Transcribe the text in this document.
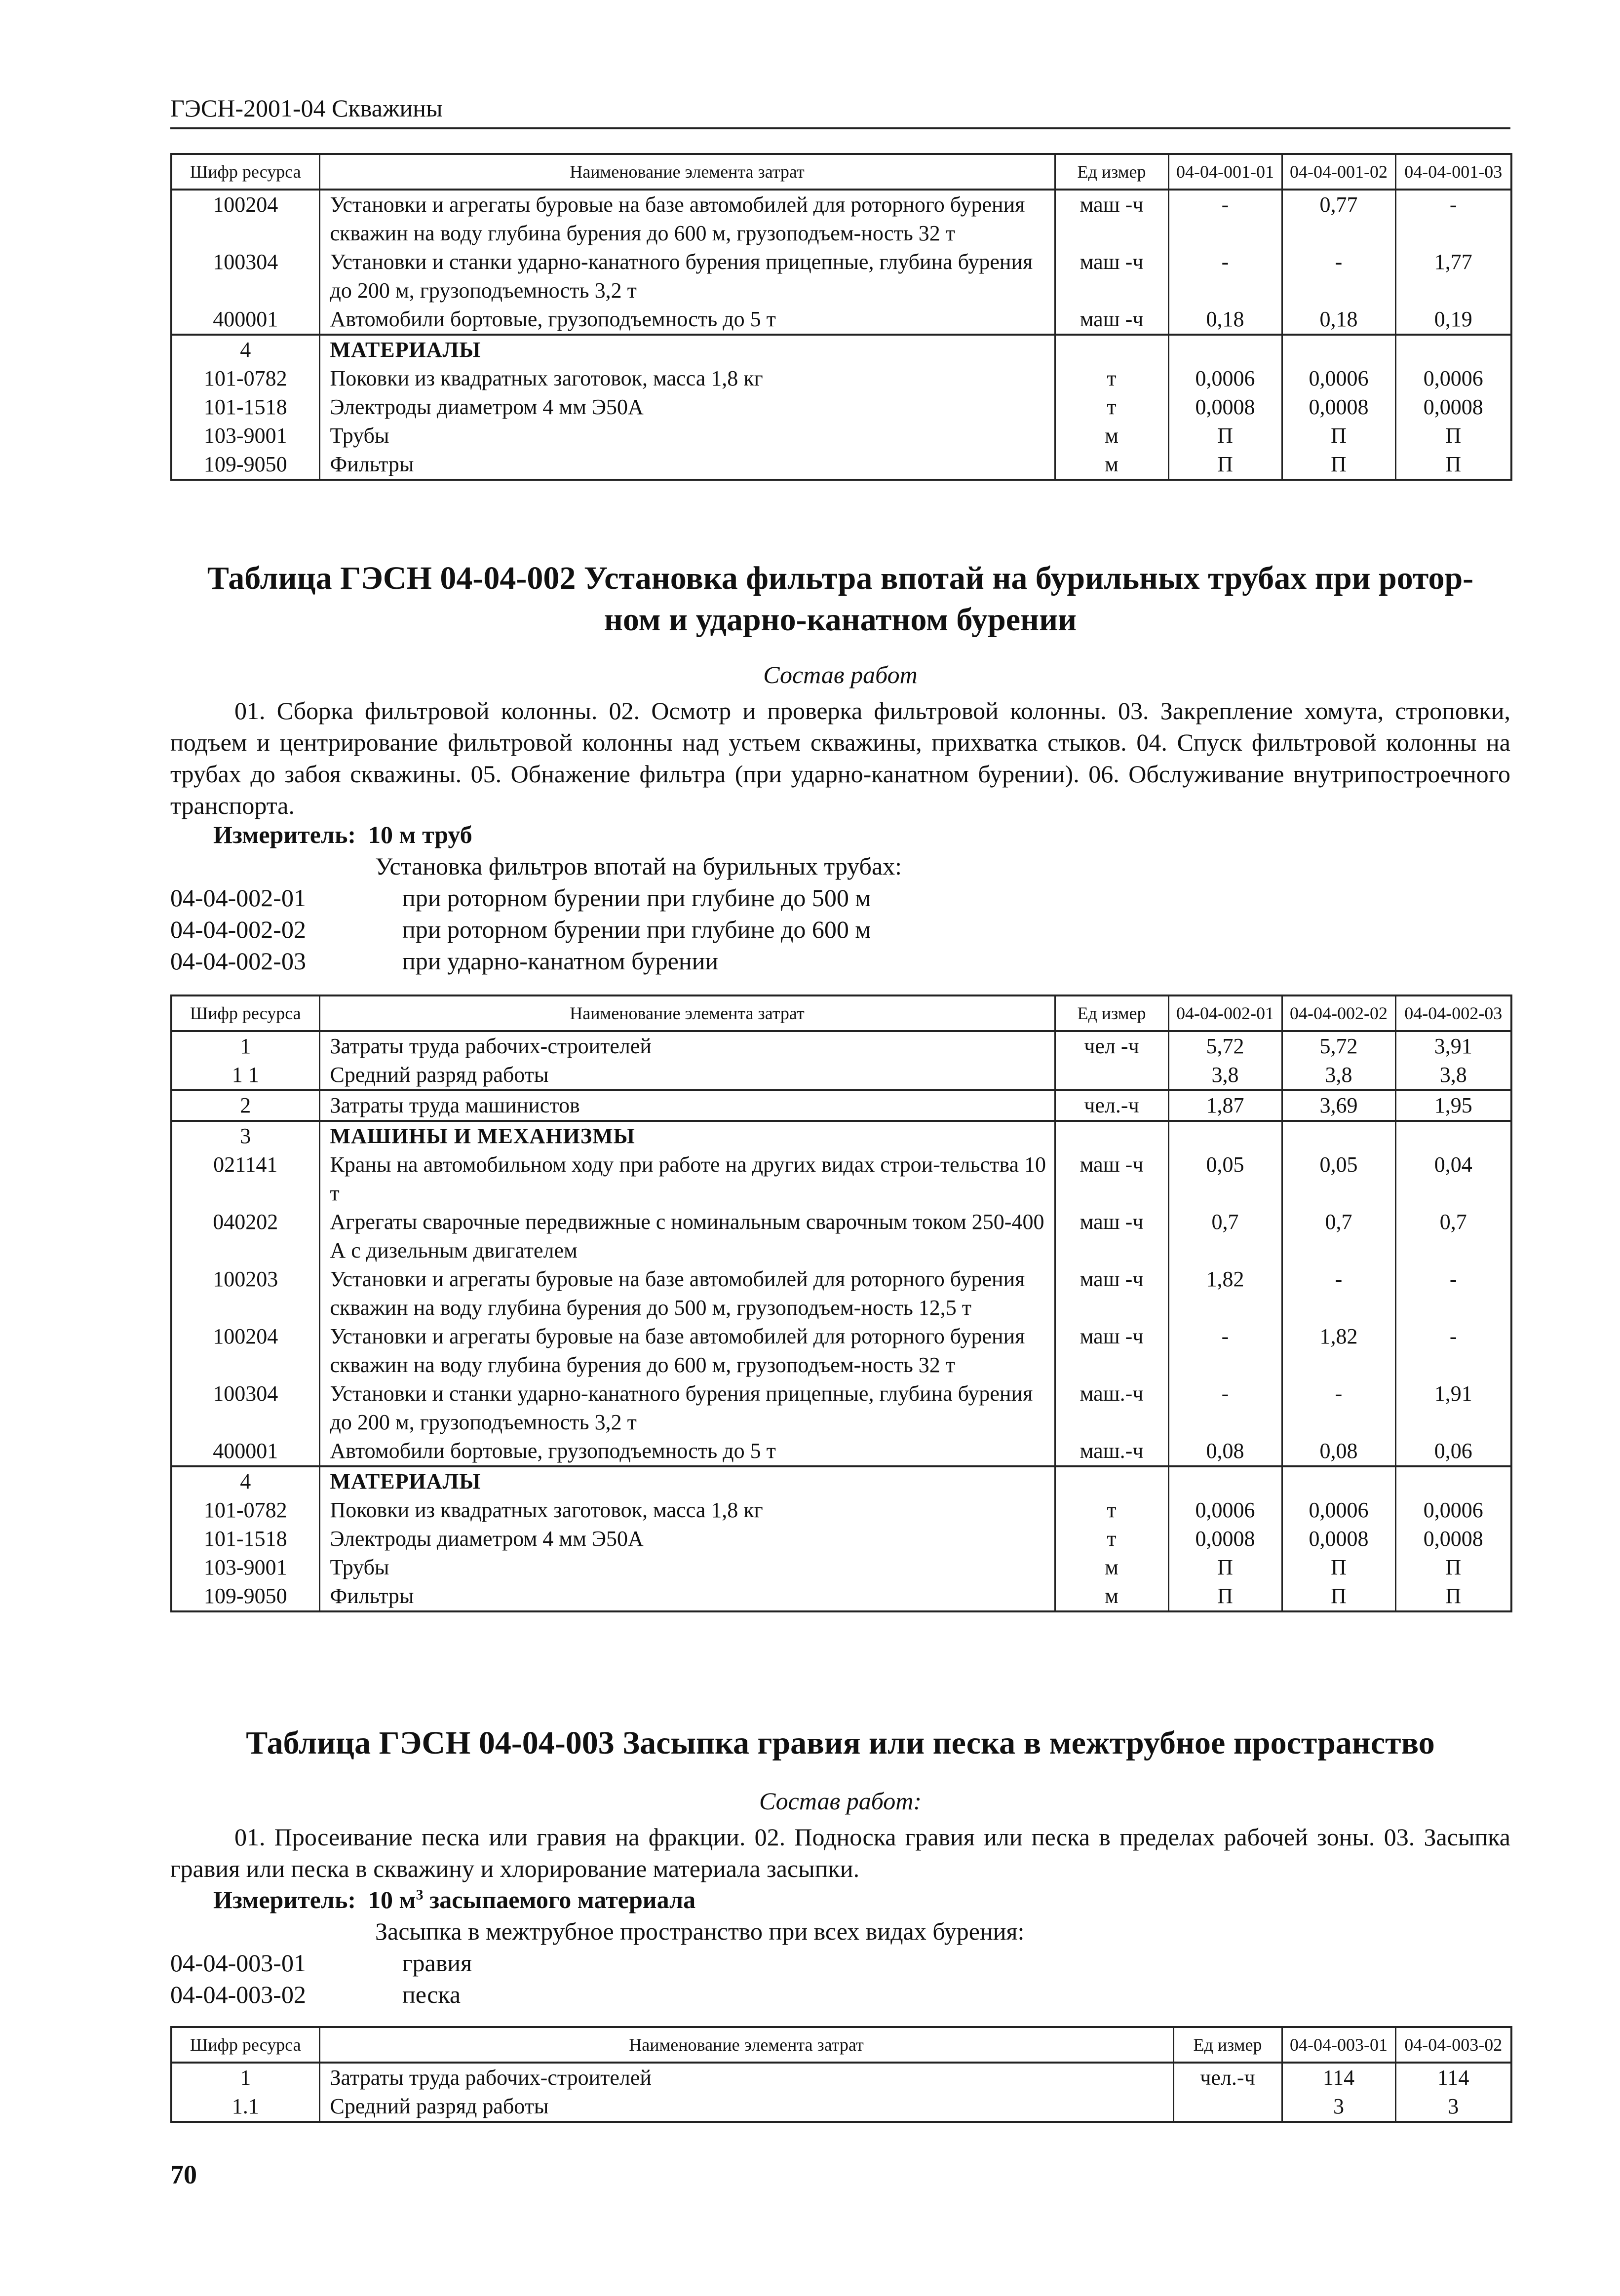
ГЭСН-2001-04 Скважины
Шифр ресурса	Наименование элемента затрат	Ед измер	04-04-001-01	04-04-001-02	04-04-001-03
100204	Установки и агрегаты буровые на базе автомобилей для роторного бурения скважин на воду глубина бурения до 600 м, грузоподъем-ность 32 т	маш -ч	-	0,77	-
100304	Установки и станки ударно-канатного бурения прицепные, глубина бурения до 200 м, грузоподъемность 3,2 т	маш -ч	-	-	1,77
400001	Автомобили бортовые, грузоподъемность до 5 т	маш -ч	0,18	0,18	0,19
4	МАТЕРИАЛЫ				
101-0782	Поковки из квадратных заготовок, масса 1,8 кг	т	0,0006	0,0006	0,0006
101-1518	Электроды диаметром 4 мм Э50А	т	0,0008	0,0008	0,0008
103-9001	Трубы	м	П	П	П
109-9050	Фильтры	м	П	П	П
Таблица ГЭСН 04-04-002 Установка фильтра впотай на бурильных трубах при ротор-
ном и ударно-канатном бурении
Состав работ
01. Сборка фильтровой колонны. 02. Осмотр и проверка фильтровой колонны. 03. Закрепление хомута, строповки, подъем и центрирование фильтровой колонны над устьем скважины, прихватка стыков. 04. Спуск фильтровой колонны на трубах до забоя скважины. 05. Обнажение фильтра (при ударно-канатном бурении). 06. Обслуживание внутрипостроечного транспорта.
Измеритель: 10 м труб
Установка фильтров впотай на бурильных трубах:
04-04-002-01	при роторном бурении при глубине до 500 м
04-04-002-02	при роторном бурении при глубине до 600 м
04-04-002-03	при ударно-канатном бурении
Шифр ресурса	Наименование элемента затрат	Ед измер	04-04-002-01	04-04-002-02	04-04-002-03
1	Затраты труда рабочих-строителей	чел -ч	5,72	5,72	3,91
1 1	Средний разряд работы		3,8	3,8	3,8
2	Затраты труда машинистов	чел.-ч	1,87	3,69	1,95
3	МАШИНЫ И МЕХАНИЗМЫ				
021141	Краны на автомобильном ходу при работе на других видах строи-тельства 10 т	маш -ч	0,05	0,05	0,04
040202	Агрегаты сварочные передвижные с номинальным сварочным током 250-400 А с дизельным двигателем	маш -ч	0,7	0,7	0,7
100203	Установки и агрегаты буровые на базе автомобилей для роторного бурения скважин на воду глубина бурения до 500 м, грузоподъем-ность 12,5 т	маш -ч	1,82	-	-
100204	Установки и агрегаты буровые на базе автомобилей для роторного бурения скважин на воду глубина бурения до 600 м, грузоподъем-ность 32 т	маш -ч	-	1,82	-
100304	Установки и станки ударно-канатного бурения прицепные, глубина бурения до 200 м, грузоподъемность 3,2 т	маш.-ч	-	-	1,91
400001	Автомобили бортовые, грузоподъемность до 5 т	маш.-ч	0,08	0,08	0,06
4	МАТЕРИАЛЫ				
101-0782	Поковки из квадратных заготовок, масса 1,8 кг	т	0,0006	0,0006	0,0006
101-1518	Электроды диаметром 4 мм Э50А	т	0,0008	0,0008	0,0008
103-9001	Трубы	м	П	П	П
109-9050	Фильтры	м	П	П	П
Таблица ГЭСН 04-04-003 Засыпка гравия или песка в межтрубное пространство
Состав работ:
01. Просеивание песка или гравия на фракции. 02. Подноска гравия или песка в пределах рабочей зоны. 03. Засыпка гравия или песка в скважину и хлорирование материала засыпки.
Измеритель: 10 $м^3$ засыпаемого материала
Засыпка в межтрубное пространство при всех видах бурения:
04-04-003-01	гравия
04-04-003-02	песка
Шифр ресурса	Наименование элемента затрат	Ед измер	04-04-003-01	04-04-003-02
1	Затраты труда рабочих-строителей	чел.-ч	114	114
1.1	Средний разряд работы		3	3
70
